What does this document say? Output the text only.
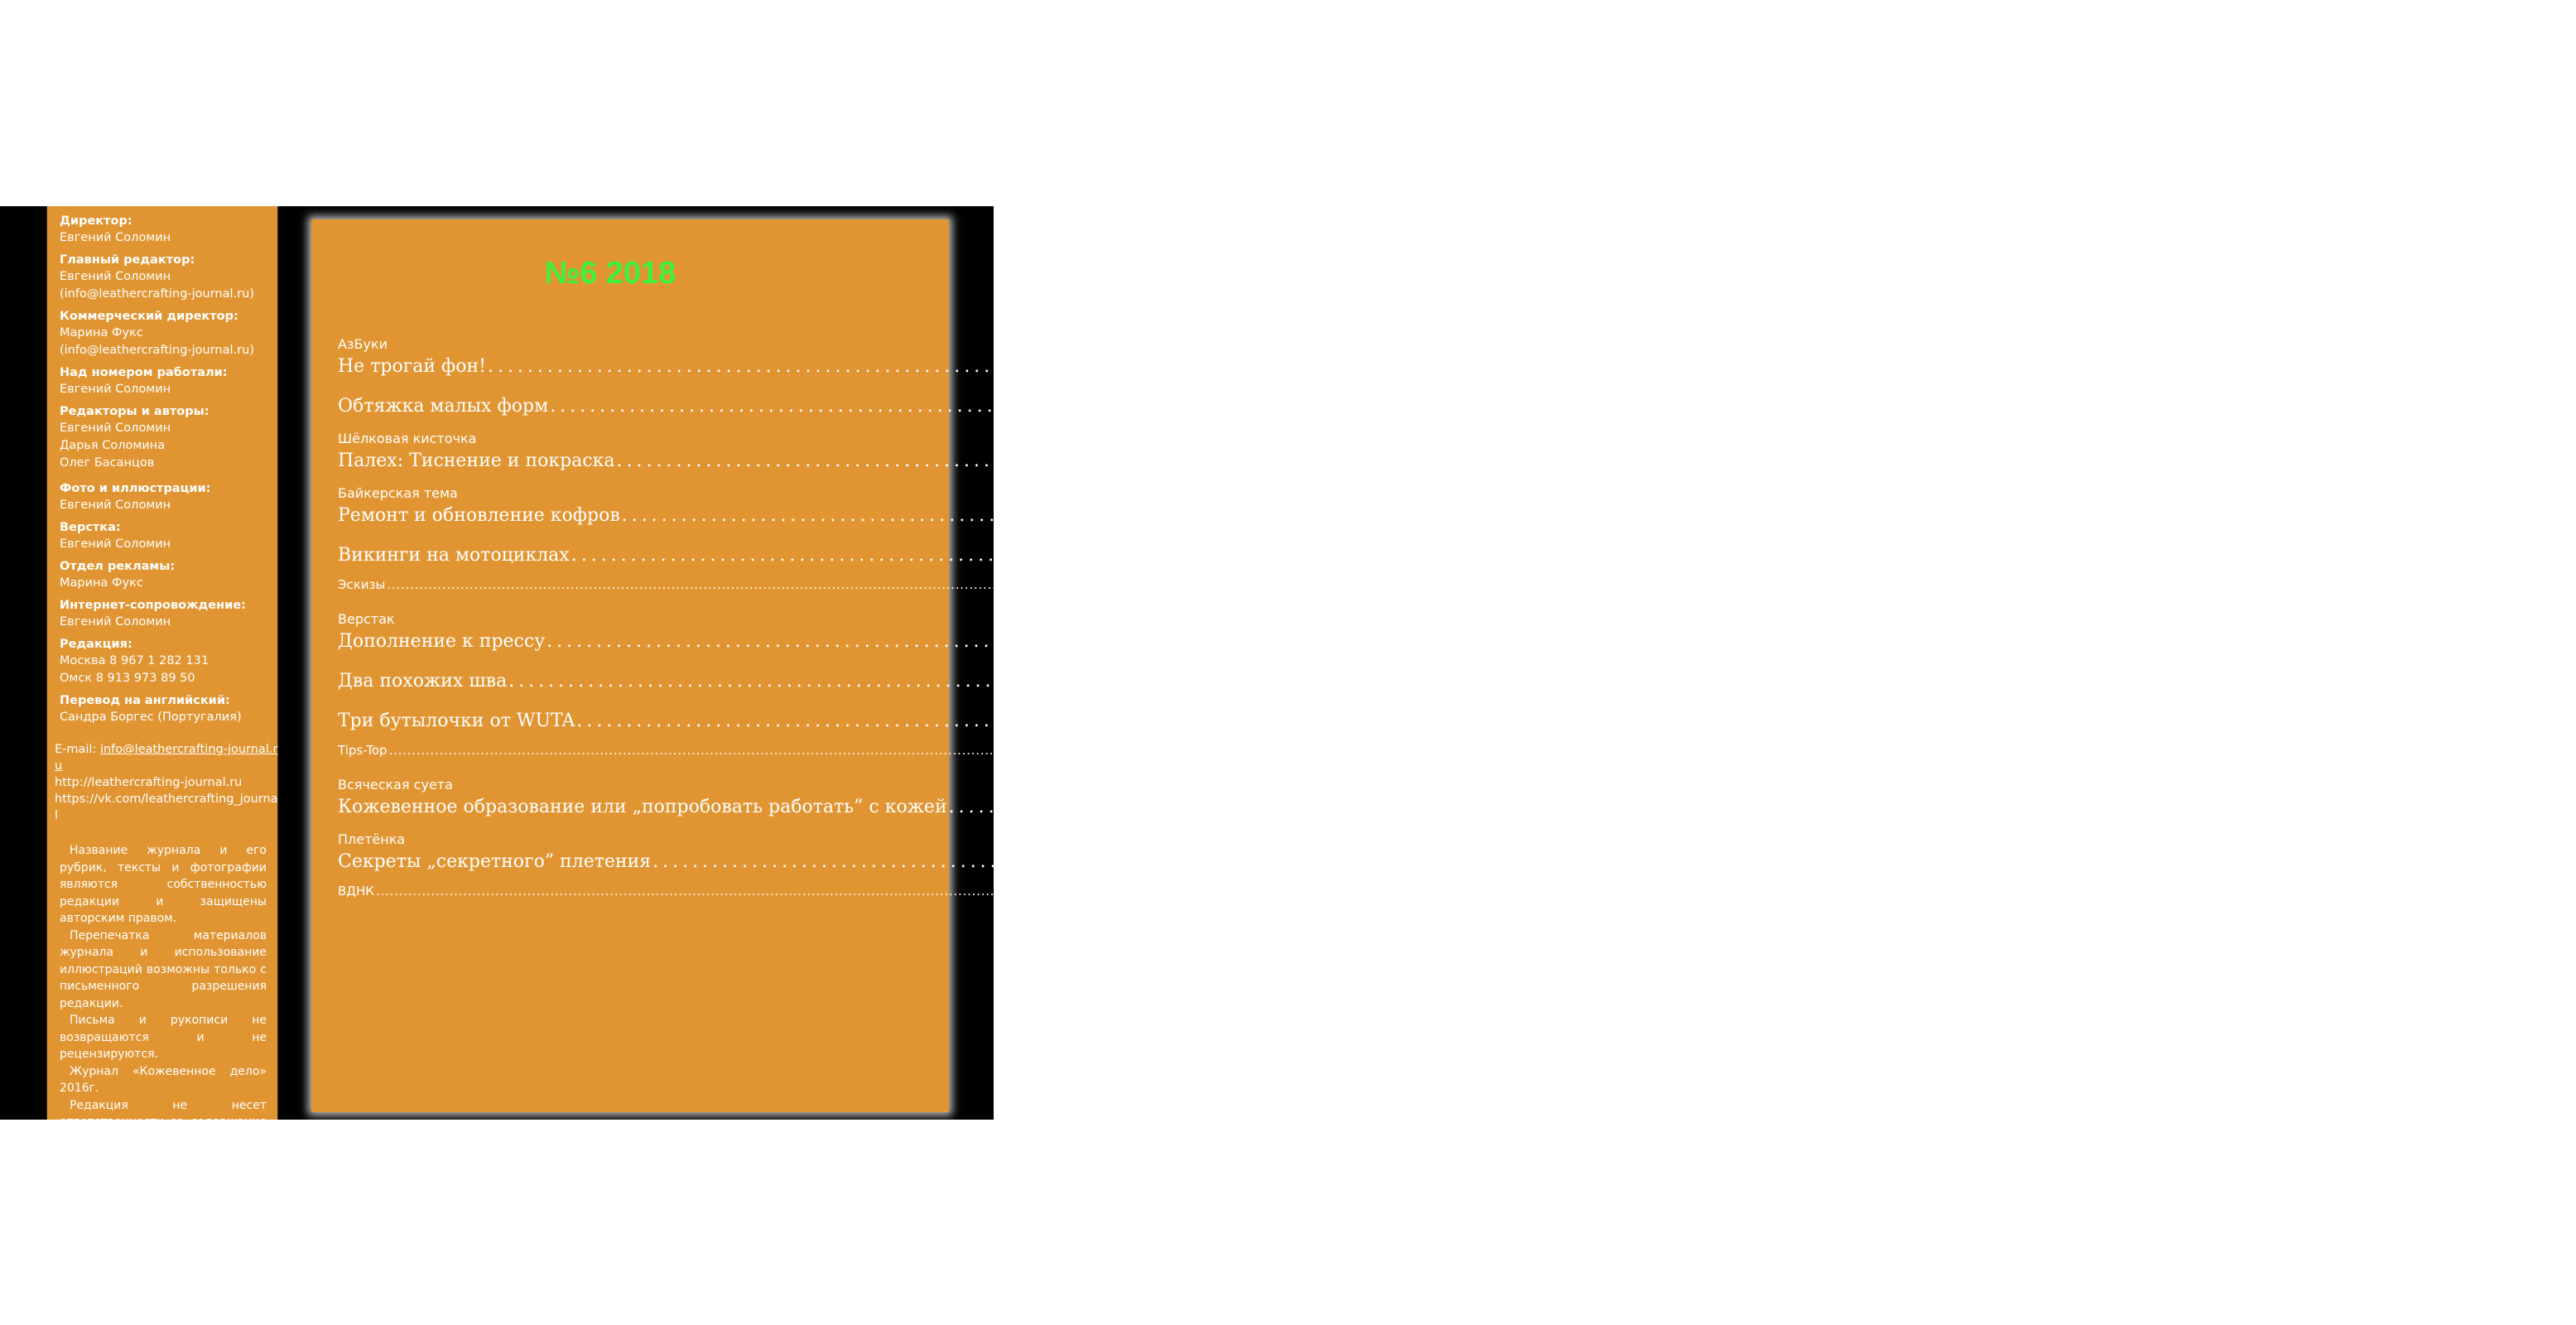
Директор:
Евгений Соломин
Главный редактор:
Евгений Соломин
(info@leathercrafting-journal.ru)
Коммерческий директор:
Марина Фукс
(info@leathercrafting-journal.ru)
Над номером работали:
Евгений Соломин
Редакторы и авторы:
Евгений Соломин
Дарья Соломина
Олег Басанцов
Фото и иллюстрации:
Евгений Соломин
Верстка:
Евгений Соломин
Отдел рекламы:
Марина Фукс
Интернет-сопровождение:
Евгений Соломин
Редакция:
Москва 8 967 1 282 131
Омск 8 913 973 89 50
Перевод на английский:
Сандра Боргес (Португалия)
E-mail: info@leathercrafting-journal.ru
http://leathercrafting-journal.ru
https://vk.com/leathercrafting_journal

Название журнала и его рубрик, тексты и фотографии являются собственностью редакции и защищены авторским правом.

Перепечатка материалов журнала и использование иллюстраций возможны только с письменного разрешения редакции.

Письма и рукописи не возвращаются и не рецензируются.

Журнал «Кожевенное дело» 2016г.

Редакция не несет ответственности за содержание рекламных материалов.

№6 2018
АзБуки
Не трогай фон! . . .	4
Обтяжка малых форм . . .	6
Шёлковая кисточка
Палех: Тиснение и покраска . . .	10
Байкерская тема
Ремонт и обновление кофров . . .	19
Викинги на мотоциклах . . .	26
Эскизы . . .	35
Верстак
Дополнение к прессу . . .	51
Два похожих шва . . .	54
Три бутылочки от WUTA . . .	56
Tips-Top . . .	59
Всяческая суета
Кожевенное образование или „попробовать работать” с кожей . . .	60
Плетёнка
Секреты „секретного” плетения . . .	63
ВДНК . . .	68
